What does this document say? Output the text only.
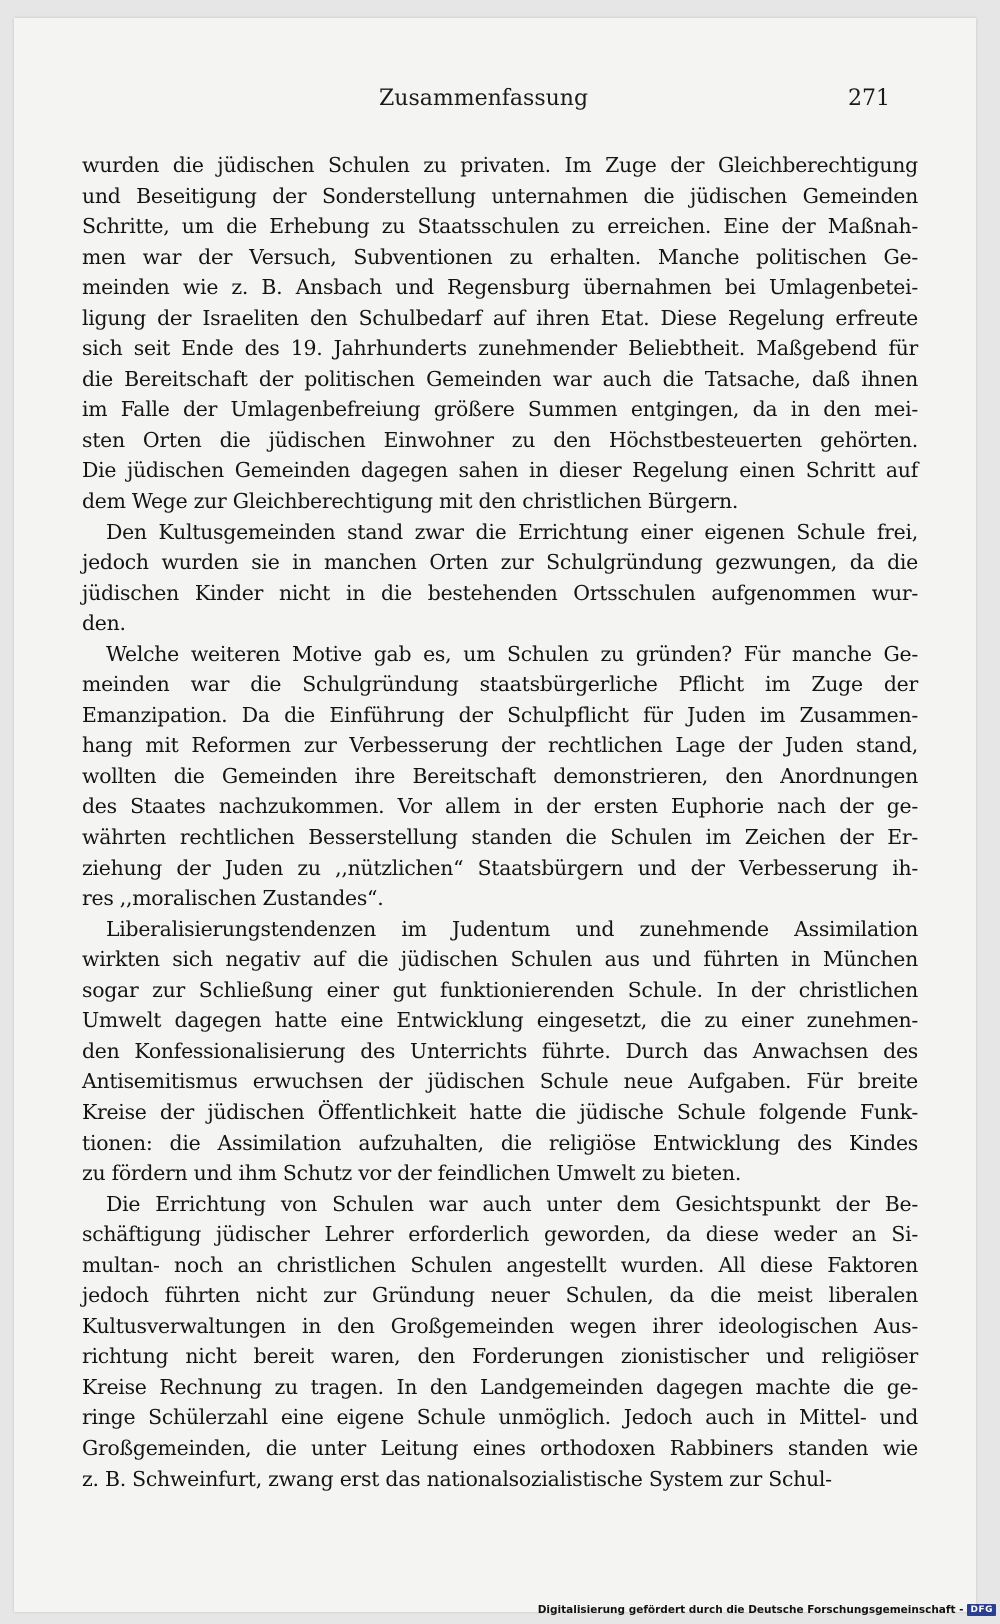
Zusammenfassung	271
wurden die jüdischen Schulen zu privaten. Im Zuge der Gleichberechtigung
und Beseitigung der Sonderstellung unternahmen die jüdischen Gemeinden
Schritte, um die Erhebung zu Staatsschulen zu erreichen. Eine der Maßnah-
men war der Versuch, Subventionen zu erhalten. Manche politischen Ge-
meinden wie z. B. Ansbach und Regensburg übernahmen bei Umlagenbetei-
ligung der Israeliten den Schulbedarf auf ihren Etat. Diese Regelung erfreute
sich seit Ende des 19. Jahrhunderts zunehmender Beliebtheit. Maßgebend für
die Bereitschaft der politischen Gemeinden war auch die Tatsache, daß ihnen
im Falle der Umlagenbefreiung größere Summen entgingen, da in den mei-
sten Orten die jüdischen Einwohner zu den Höchstbesteuerten gehörten.
Die jüdischen Gemeinden dagegen sahen in dieser Regelung einen Schritt auf
dem Wege zur Gleichberechtigung mit den christlichen Bürgern.
Den Kultusgemeinden stand zwar die Errichtung einer eigenen Schule frei,
jedoch wurden sie in manchen Orten zur Schulgründung gezwungen, da die
jüdischen Kinder nicht in die bestehenden Ortsschulen aufgenommen wur-
den.
Welche weiteren Motive gab es, um Schulen zu gründen? Für manche Ge-
meinden war die Schulgründung staatsbürgerliche Pflicht im Zuge der
Emanzipation. Da die Einführung der Schulpflicht für Juden im Zusammen-
hang mit Reformen zur Verbesserung der rechtlichen Lage der Juden stand,
wollten die Gemeinden ihre Bereitschaft demonstrieren, den Anordnungen
des Staates nachzukommen. Vor allem in der ersten Euphorie nach der ge-
währten rechtlichen Besserstellung standen die Schulen im Zeichen der Er-
ziehung der Juden zu ,,nützlichen“ Staatsbürgern und der Verbesserung ih-
res ,,moralischen Zustandes“.
Liberalisierungstendenzen im Judentum und zunehmende Assimilation
wirkten sich negativ auf die jüdischen Schulen aus und führten in München
sogar zur Schließung einer gut funktionierenden Schule. In der christlichen
Umwelt dagegen hatte eine Entwicklung eingesetzt, die zu einer zunehmen-
den Konfessionalisierung des Unterrichts führte. Durch das Anwachsen des
Antisemitismus erwuchsen der jüdischen Schule neue Aufgaben. Für breite
Kreise der jüdischen Öffentlichkeit hatte die jüdische Schule folgende Funk-
tionen: die Assimilation aufzuhalten, die religiöse Entwicklung des Kindes
zu fördern und ihm Schutz vor der feindlichen Umwelt zu bieten.
Die Errichtung von Schulen war auch unter dem Gesichtspunkt der Be-
schäftigung jüdischer Lehrer erforderlich geworden, da diese weder an Si-
multan- noch an christlichen Schulen angestellt wurden. All diese Faktoren
jedoch führten nicht zur Gründung neuer Schulen, da die meist liberalen
Kultusverwaltungen in den Großgemeinden wegen ihrer ideologischen Aus-
richtung nicht bereit waren, den Forderungen zionistischer und religiöser
Kreise Rechnung zu tragen. In den Landgemeinden dagegen machte die ge-
ringe Schülerzahl eine eigene Schule unmöglich. Jedoch auch in Mittel- und
Großgemeinden, die unter Leitung eines orthodoxen Rabbiners standen wie
z. B. Schweinfurt, zwang erst das nationalsozialistische System zur Schul-
Digitalisierung gefördert durch die Deutsche Forschungsgemeinschaft - DFG
